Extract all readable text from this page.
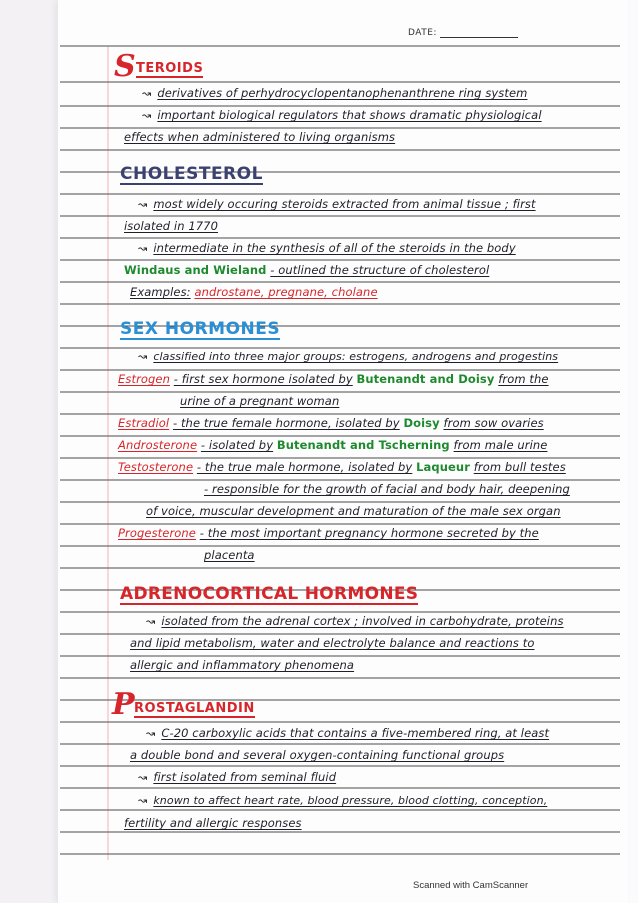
DATE:
S TEROIDS
↝ derivatives of perhydrocyclopentanophenanthrene ring system
↝ important biological regulators that shows dramatic physiological
effects when administered to living organisms
CHOLESTEROL
↝ most widely occuring steroids extracted from animal tissue ; first
isolated in 1770
↝ intermediate in the synthesis of all of the steroids in the body
Windaus and Wieland - outlined the structure of cholesterol
Examples: androstane, pregnane, cholane
SEX HORMONES
↝ classified into three major groups: estrogens, androgens and progestins
Estrogen - first sex hormone isolated by Butenandt and Doisy from the
urine of a pregnant woman
Estradiol - the true female hormone, isolated by Doisy from sow ovaries
Androsterone - isolated by Butenandt and Tscherning from male urine
Testosterone - the true male hormone, isolated by Laqueur from bull testes
- responsible for the growth of facial and body hair, deepening
of voice, muscular development and maturation of the male sex organ
Progesterone - the most important pregnancy hormone secreted by the
placenta
ADRENOCORTICAL HORMONES
↝ isolated from the adrenal cortex ; involved in carbohydrate, proteins
and lipid metabolism, water and electrolyte balance and reactions to
allergic and inflammatory phenomena
P ROSTAGLANDIN
↝ C-20 carboxylic acids that contains a five-membered ring, at least
a double bond and several oxygen-containing functional groups
↝ first isolated from seminal fluid
↝ known to affect heart rate, blood pressure, blood clotting, conception,
fertility and allergic responses
Scanned with CamScanner
